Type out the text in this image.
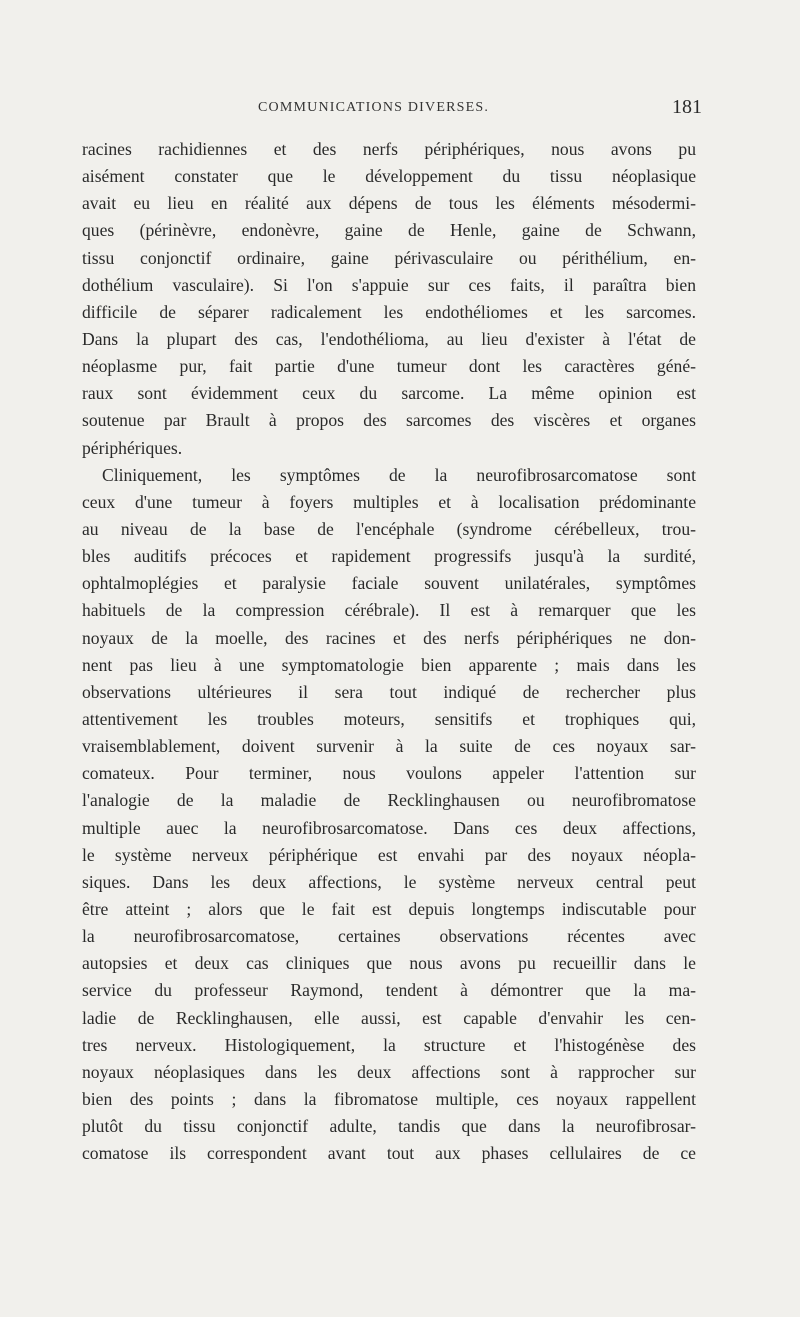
COMMUNICATIONS DIVERSES.	181
racines rachidiennes et des nerfs périphériques, nous avons pu
aisément constater que le développement du tissu néoplasique
avait eu lieu en réalité aux dépens de tous les éléments mésodermi-
ques (périnèvre, endonèvre, gaine de Henle, gaine de Schwann,
tissu conjonctif ordinaire, gaine périvasculaire ou périthélium, en-
dothélium vasculaire). Si l'on s'appuie sur ces faits, il paraîtra bien
difficile de séparer radicalement les endothéliomes et les sarcomes.
Dans la plupart des cas, l'endothélioma, au lieu d'exister à l'état de
néoplasme pur, fait partie d'une tumeur dont les caractères géné-
raux sont évidemment ceux du sarcome. La même opinion est
soutenue par Brault à propos des sarcomes des viscères et organes
périphériques.
Cliniquement, les symptômes de la neurofibrosarcomatose sont
ceux d'une tumeur à foyers multiples et à localisation prédominante
au niveau de la base de l'encéphale (syndrome cérébelleux, trou-
bles auditifs précoces et rapidement progressifs jusqu'à la surdité,
ophtalmoplégies et paralysie faciale souvent unilatérales, symptômes
habituels de la compression cérébrale). Il est à remarquer que les
noyaux de la moelle, des racines et des nerfs périphériques ne don-
nent pas lieu à une symptomatologie bien apparente ; mais dans les
observations ultérieures il sera tout indiqué de rechercher plus
attentivement les troubles moteurs, sensitifs et trophiques qui,
vraisemblablement, doivent survenir à la suite de ces noyaux sar-
comateux. Pour terminer, nous voulons appeler l'attention sur
l'analogie de la maladie de Recklinghausen ou neurofibromatose
multiple auec la neurofibrosarcomatose. Dans ces deux affections,
le système nerveux périphérique est envahi par des noyaux néopla-
siques. Dans les deux affections, le système nerveux central peut
être atteint ; alors que le fait est depuis longtemps indiscutable pour
la neurofibrosarcomatose, certaines observations récentes avec
autopsies et deux cas cliniques que nous avons pu recueillir dans le
service du professeur Raymond, tendent à démontrer que la ma-
ladie de Recklinghausen, elle aussi, est capable d'envahir les cen-
tres nerveux. Histologiquement, la structure et l'histogénèse des
noyaux néoplasiques dans les deux affections sont à rapprocher sur
bien des points ; dans la fibromatose multiple, ces noyaux rappellent
plutôt du tissu conjonctif adulte, tandis que dans la neurofibrosar-
comatose ils correspondent avant tout aux phases cellulaires de ce
